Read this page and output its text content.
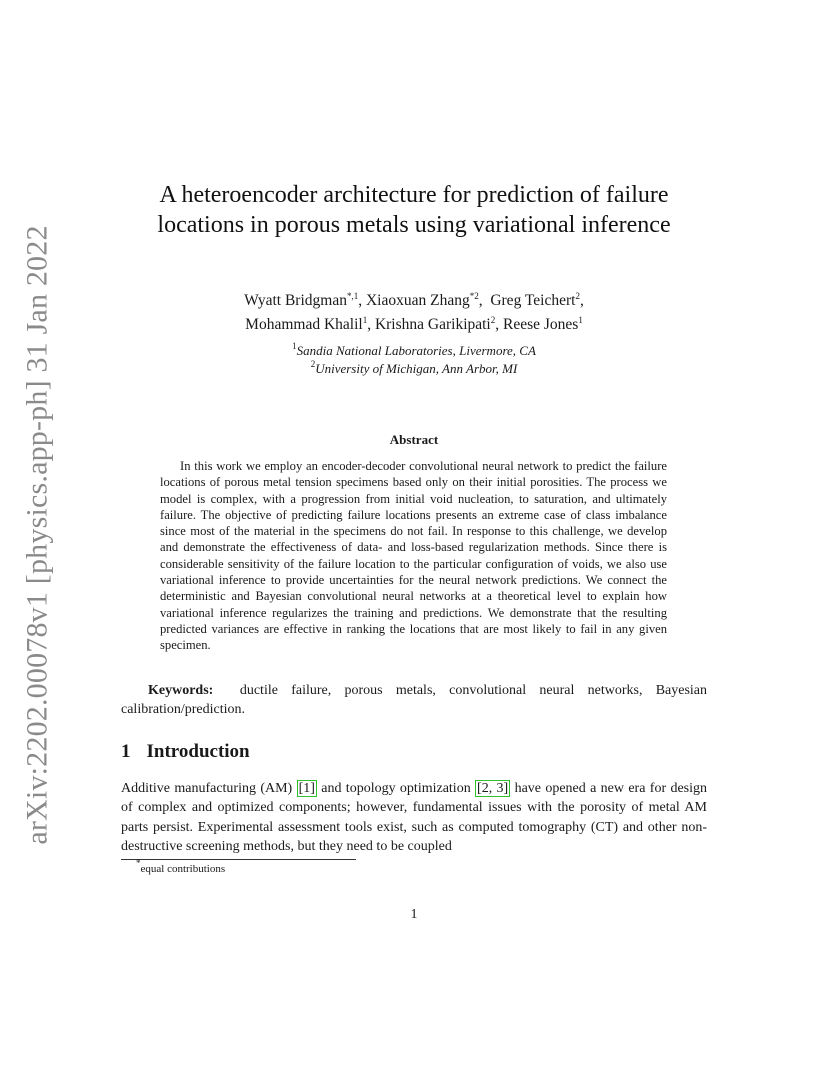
arXiv:2202.00078v1 [physics.app-ph] 31 Jan 2022
A heteroencoder architecture for prediction of failure locations in porous metals using variational inference
Wyatt Bridgman$^{*,1}$, Xiaoxuan Zhang$^{*2}$,  Greg Teichert$^2$,
Mohammad Khalil$^1$, Krishna Garikipati$^2$, Reese Jones$^1$
$^1$Sandia National Laboratories, Livermore, CA
$^2$University of Michigan, Ann Arbor, MI
Abstract

In this work we employ an encoder-decoder convolutional neural network to predict the failure locations of porous metal tension specimens based only on their initial porosities. The process we model is complex, with a progression from initial void nucleation, to saturation, and ultimately failure. The objective of predicting failure locations presents an extreme case of class imbalance since most of the material in the specimens do not fail. In response to this challenge, we develop and demonstrate the effectiveness of data- and loss-based regularization methods. Since there is considerable sensitivity of the failure location to the particular configuration of voids, we also use variational inference to provide uncertainties for the neural network predictions. We connect the deterministic and Bayesian convolutional neural networks at a theoretical level to explain how variational inference regularizes the training and predictions. We demonstrate that the resulting predicted variances are effective in ranking the locations that are most likely to fail in any given specimen.

Keywords: ductile failure, porous metals, convolutional neural networks, Bayesian calibration/prediction.

1 Introduction

Additive manufacturing (AM) [1] and topology optimization [2, 3] have opened a new era for design of complex and optimized components; however, fundamental issues with the porosity of metal AM parts persist. Experimental assessment tools exist, such as computed tomography (CT) and other non-destructive screening methods, but they need to be coupled

*equal contributions
1
